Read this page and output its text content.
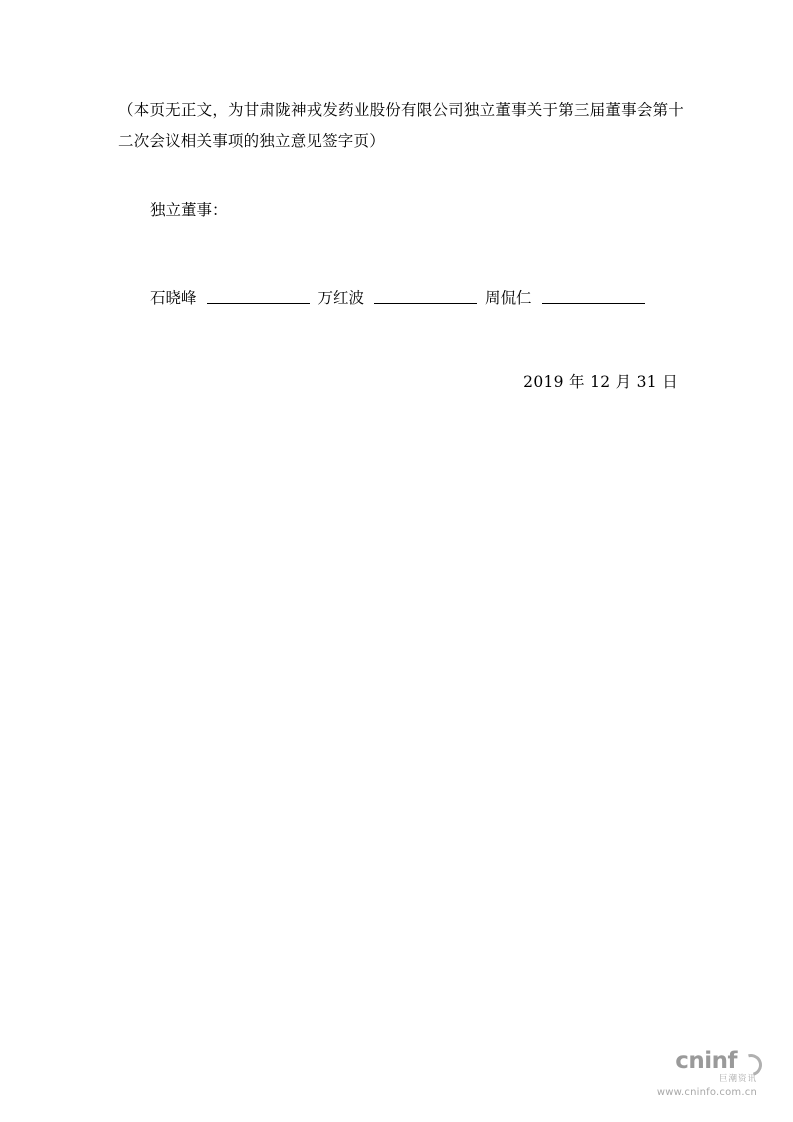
（本页无正文，为甘肃陇神戎发药业股份有限公司独立董事关于第三届董事会第十二次会议相关事项的独立意见签字页）
独立董事：
石晓峰	万红波	周侃仁
2019 年 12 月 31 日
cninf
巨潮资讯
www.cninfo.com.cn
